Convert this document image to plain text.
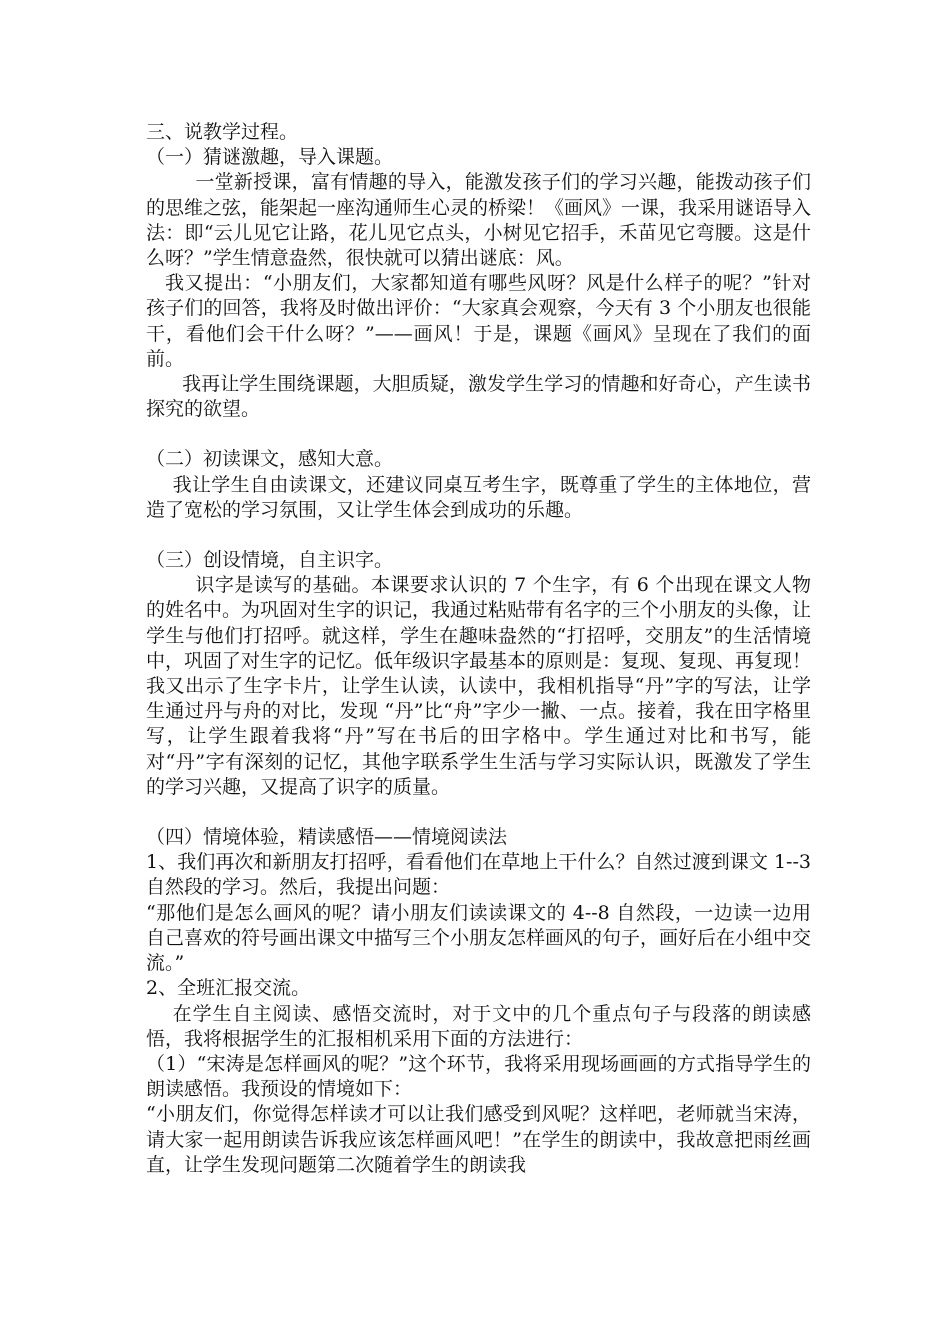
三、说教学过程。

（一）猜谜激趣，导入课题。

一堂新授课，富有情趣的导入，能激发孩子们的学习兴趣，能拨动孩子们的思维之弦，能架起一座沟通师生心灵的桥梁！《画风》一课，我采用谜语导入法：即“云儿见它让路，花儿见它点头，小树见它招手，禾苗见它弯腰。这是什么呀？”学生情意盎然，很快就可以猜出谜底：风。

我又提出：“小朋友们，大家都知道有哪些风呀？风是什么样子的呢？”针对孩子们的回答，我将及时做出评价：“大家真会观察，今天有 3 个小朋友也很能干，看他们会干什么呀？”——画风！于是，课题《画风》呈现在了我们的面前。

我再让学生围绕课题，大胆质疑，激发学生学习的情趣和好奇心，产生读书探究的欲望。

（二）初读课文，感知大意。

我让学生自由读课文，还建议同桌互考生字，既尊重了学生的主体地位，营造了宽松的学习氛围，又让学生体会到成功的乐趣。

（三）创设情境，自主识字。

识字是读写的基础。本课要求认识的 7 个生字，有 6 个出现在课文人物的姓名中。为巩固对生字的识记，我通过粘贴带有名字的三个小朋友的头像，让学生与他们打招呼。就这样，学生在趣味盎然的“打招呼，交朋友”的生活情境中，巩固了对生字的记忆。低年级识字最基本的原则是：复现、复现、再复现！我又出示了生字卡片，让学生认读，认读中，我相机指导“丹”字的写法，让学生通过丹与舟的对比，发现 “丹”比“舟”字少一撇、一点。接着，我在田字格里写，让学生跟着我将“丹”写在书后的田字格中。学生通过对比和书写，能对“丹”字有深刻的记忆，其他字联系学生生活与学习实际认识，既激发了学生的学习兴趣，又提高了识字的质量。

（四）情境体验，精读感悟——情境阅读法

1、我们再次和新朋友打招呼，看看他们在草地上干什么？自然过渡到课文 1--3 自然段的学习。然后，我提出问题：

“那他们是怎么画风的呢？请小朋友们读读课文的 4--8 自然段，一边读一边用自己喜欢的符号画出课文中描写三个小朋友怎样画风的句子，画好后在小组中交流。”

2、全班汇报交流。

在学生自主阅读、感悟交流时，对于文中的几个重点句子与段落的朗读感悟，我将根据学生的汇报相机采用下面的方法进行：

（1）“宋涛是怎样画风的呢？”这个环节，我将采用现场画画的方式指导学生的朗读感悟。我预设的情境如下：

“小朋友们，你觉得怎样读才可以让我们感受到风呢？这样吧，老师就当宋涛，请大家一起用朗读告诉我应该怎样画风吧！”在学生的朗读中，我故意把雨丝画直，让学生发现问题第二次随着学生的朗读我
